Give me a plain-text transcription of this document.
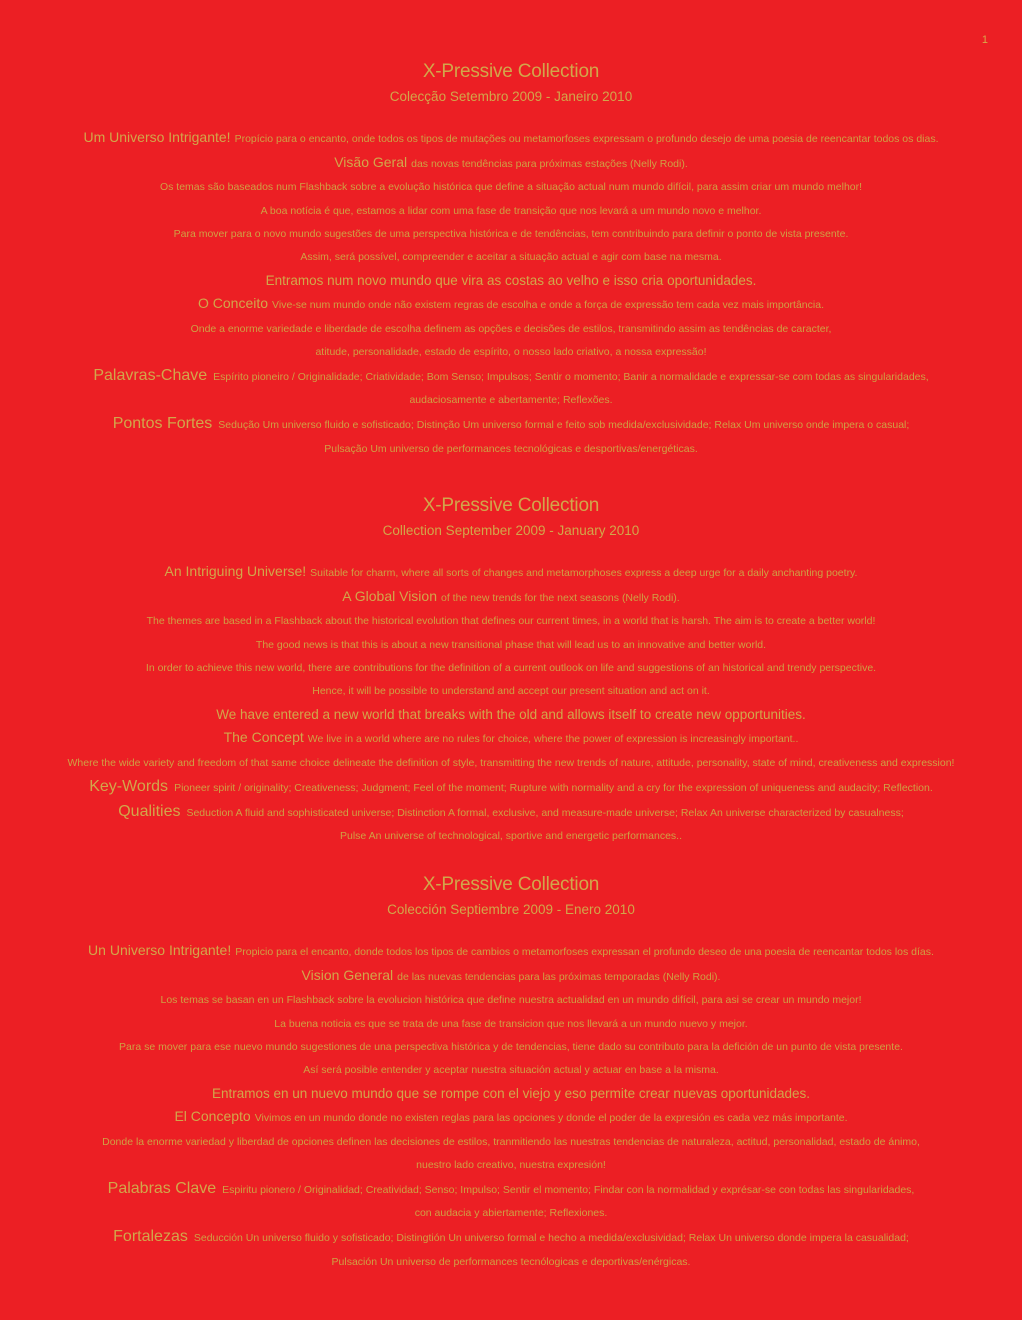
1
X-Pressive Collection
Colecção Setembro 2009 - Janeiro 2010
Um Universo Intrigante! Propício para o encanto, onde todos os tipos de mutações ou metamorfoses expressam o profundo desejo de uma poesia de reencantar todos os dias.
Visão Geral das novas tendências para próximas estações (Nelly Rodi).
Os temas são baseados num Flashback sobre a evolução histórica que define a situação actual num mundo difícil, para assim criar um mundo melhor!
A boa notícia é que, estamos a lidar com uma fase de transição que nos levará a um mundo novo e melhor.
Para mover para o novo mundo sugestões de uma perspectiva histórica e de tendências, tem contribuindo para definir o ponto de vista presente.
Assim, será possível, compreender e aceitar a situação actual e agir com base na mesma.
Entramos num novo mundo que vira as costas ao velho e isso cria oportunidades.
O Conceito Vive-se num mundo onde não existem regras de escolha e onde a força de expressão tem cada vez mais importância.
Onde a enorme variedade e liberdade de escolha definem as opções e decisões de estilos, transmitindo assim as tendências de caracter,
atitude, personalidade, estado de espírito, o nosso lado criativo, a nossa expressão!
Palavras-Chave Espírito pioneiro / Originalidade; Criatividade; Bom Senso; Impulsos; Sentir o momento; Banir a normalidade e expressar-se com todas as singularidades,
audaciosamente e abertamente; Reflexões.
Pontos Fortes Sedução Um universo fluido e sofisticado; Distinção Um universo formal e feito sob medida/exclusividade; Relax Um universo onde impera o casual;
Pulsação Um universo de performances tecnológicas e desportivas/energéticas.
X-Pressive Collection
Collection September 2009 - January 2010
An Intriguing Universe! Suitable for charm, where all sorts of changes and metamorphoses express a deep urge for a daily anchanting poetry.
A Global Vision of the new trends for the next seasons (Nelly Rodi).
The themes are based in a Flashback about the historical evolution that defines our current times, in a world that is harsh. The aim is to create a better world!
The good news is that this is about a new transitional phase that will lead us to an innovative and better world.
In order to achieve this new world, there are contributions for the definition of a current outlook on life and suggestions of an historical and trendy perspective.
Hence, it will be possible to understand and accept our present situation and act on it.
We have entered a new world that breaks with the old and allows itself to create new opportunities.
The Concept We live in a world where are no rules for choice, where the power of expression is increasingly important..
Where the wide variety and freedom of that same choice delineate the definition of style, transmitting the new trends of nature, attitude, personality, state of mind, creativeness and expression!
Key-Words Pioneer spirit / originality; Creativeness; Judgment; Feel of the moment; Rupture with normality and a cry for the expression of uniqueness and audacity; Reflection.
Qualities Seduction A fluid and sophisticated universe; Distinction A formal, exclusive, and measure-made universe; Relax An universe characterized by casualness;
Pulse An universe of technological, sportive and energetic performances..
X-Pressive Collection
Colección Septiembre 2009 - Enero 2010
Un Universo Intrigante! Propicio para el encanto, donde todos los tipos de cambios o metamorfoses expressan el profundo deseo de una poesia de reencantar todos los días.
Vision General de las nuevas tendencias para las próximas temporadas (Nelly Rodi).
Los temas se basan en un Flashback sobre la evolucion histórica que define nuestra actualidad en un mundo difícil, para asi se crear un mundo mejor!
La buena noticia es que se trata de una fase de transicion que nos llevará a un mundo nuevo y mejor.
Para se mover para ese nuevo mundo sugestiones de una perspectiva histórica y de tendencias, tiene dado su contributo para la defición de un punto de vista presente.
Así será posible entender y aceptar nuestra situación actual y actuar en base a la misma.
Entramos en un nuevo mundo que se rompe con el viejo y eso permite crear nuevas oportunidades.
El Concepto Vivimos en un mundo donde no existen reglas para las opciones y donde el poder de la expresión es cada vez más importante.
Donde la enorme variedad y liberdad de opciones definen las decisiones de estilos, tranmitiendo las nuestras tendencias de naturaleza, actitud, personalidad, estado de ánimo,
nuestro lado creativo, nuestra expresión!
Palabras Clave Espiritu pionero / Originalidad; Creatividad; Senso; Impulso; Sentir el momento; Findar con la normalidad y exprésar-se con todas las singularidades,
con audacia y abiertamente; Reflexiones.
Fortalezas Seducción Un universo fluido y sofisticado; Distingtión Un universo formal e hecho a medida/exclusividad; Relax Un universo donde impera la casualidad;
Pulsación Un universo de performances tecnólogicas e deportivas/enérgicas.
